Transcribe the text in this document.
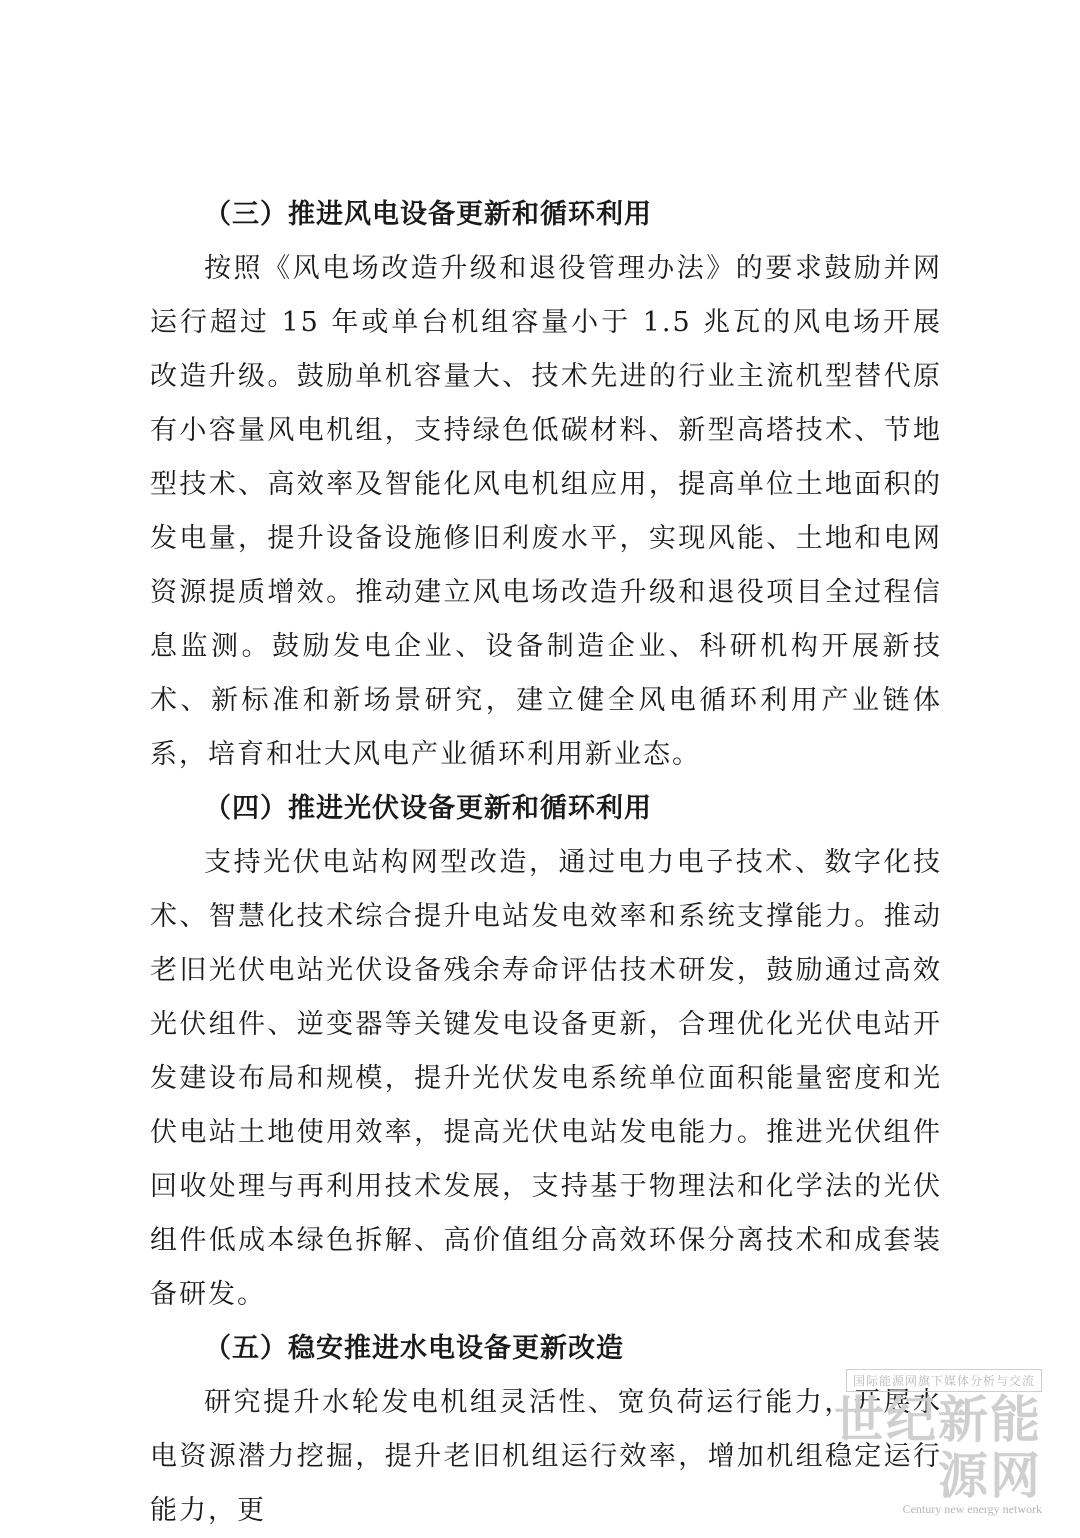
（三）推进风电设备更新和循环利用

按照《风电场改造升级和退役管理办法》的要求鼓励并网运行超过 15 年或单台机组容量小于 1.5 兆瓦的风电场开展改造升级。鼓励单机容量大、技术先进的行业主流机型替代原有小容量风电机组，支持绿色低碳材料、新型高塔技术、节地型技术、高效率及智能化风电机组应用，提高单位土地面积的发电量，提升设备设施修旧利废水平，实现风能、土地和电网资源提质增效。推动建立风电场改造升级和退役项目全过程信息监测。鼓励发电企业、设备制造企业、科研机构开展新技术、新标准和新场景研究，建立健全风电循环利用产业链体系，培育和壮大风电产业循环利用新业态。

（四）推进光伏设备更新和循环利用

支持光伏电站构网型改造，通过电力电子技术、数字化技术、智慧化技术综合提升电站发电效率和系统支撑能力。推动老旧光伏电站光伏设备残余寿命评估技术研发，鼓励通过高效光伏组件、逆变器等关键发电设备更新，合理优化光伏电站开发建设布局和规模，提升光伏发电系统单位面积能量密度和光伏电站土地使用效率，提高光伏电站发电能力。推进光伏组件回收处理与再利用技术发展，支持基于物理法和化学法的光伏组件低成本绿色拆解、高价值组分高效环保分离技术和成套装备研发。

（五）稳安推进水电设备更新改造

研究提升水轮发电机组灵活性、宽负荷运行能力，开展水电资源潜力挖掘，提升老旧机组运行效率，增加机组稳定运行能力，更

国际能源网旗下媒体分析与交流
世纪新能源网
Century new energy network
